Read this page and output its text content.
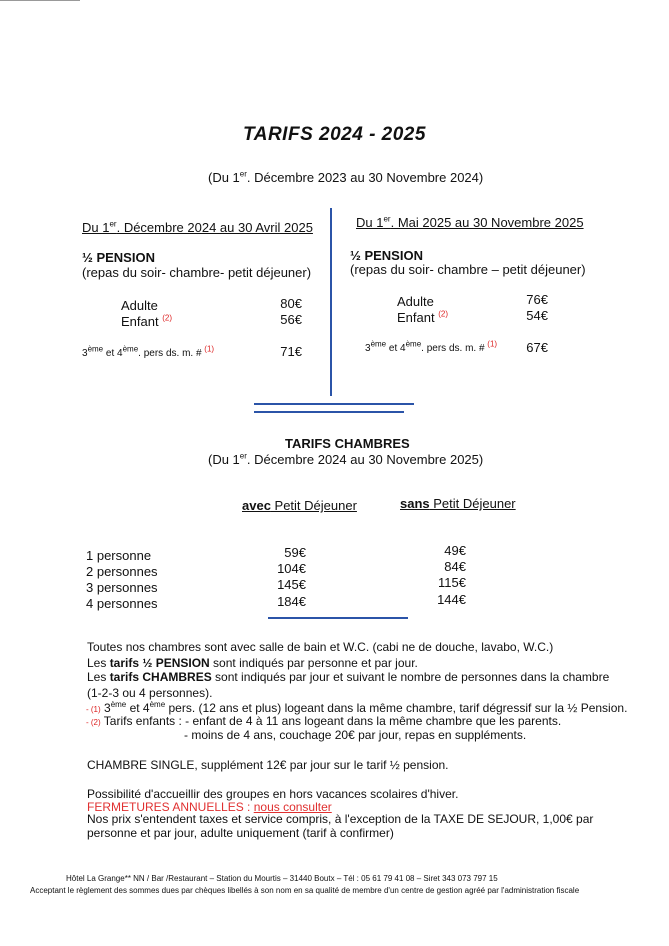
TARIFS 2024 - 2025
(Du 1er. Décembre 2023 au 30 Novembre 2024)
Du 1er. Décembre 2024 au 30 Avril 2025
½ PENSION
(repas du soir- chambre- petit déjeuner)
Adulte	80€
Enfant $^{(2)}$	56€
3ème et 4ème. pers ds. m. # $^{(1)}$	71€
Du 1er. Mai 2025 au 30 Novembre 2025
½ PENSION
(repas du soir- chambre – petit déjeuner)
Adulte	76€
Enfant $^{(2)}$	54€
3ème et 4ème. pers ds. m. # $^{(1)}$	67€
TARIFS CHAMBRES
(Du 1er. Décembre 2024 au 30 Novembre 2025)
avec Petit Déjeuner	sans Petit Déjeuner
1 personne	59€	49€
2 personnes	104€	84€
3 personnes	145€	115€
4 personnes	184€	144€
Toutes nos chambres sont avec salle de bain et W.C. (cabi ne de douche, lavabo, W.C.)
Les tarifs ½ PENSION sont indiqués par personne et par jour.
Les tarifs CHAMBRES sont indiqués par jour et suivant le nombre de personnes dans la chambre
(1-2-3 ou 4 personnes).
- (1) 3ème et 4ème pers. (12 ans et plus) logeant dans la même chambre, tarif dégressif sur la ½ Pension.
- (2) Tarifs enfants : - enfant de 4 à 11 ans logeant dans la même chambre que les parents.
- moins de 4 ans, couchage 20€ par jour, repas en suppléments.
CHAMBRE SINGLE, supplément 12€ par jour sur le tarif ½ pension.
Possibilité d'accueillir des groupes en hors vacances scolaires d'hiver.
FERMETURES ANNUELLES : nous consulter
Nos prix s'entendent taxes et service compris, à l'exception de la TAXE DE SEJOUR, 1,00€ par
personne et par jour, adulte uniquement (tarif à confirmer)
Hôtel La Grange** NN / Bar /Restaurant – Station du Mourtis – 31440 Boutx – Tél : 05 61 79 41 08 – Siret 343 073 797 15
Acceptant le règlement des sommes dues par chèques libellés à son nom en sa qualité de membre d'un centre de gestion agréé par l'administration fiscale
